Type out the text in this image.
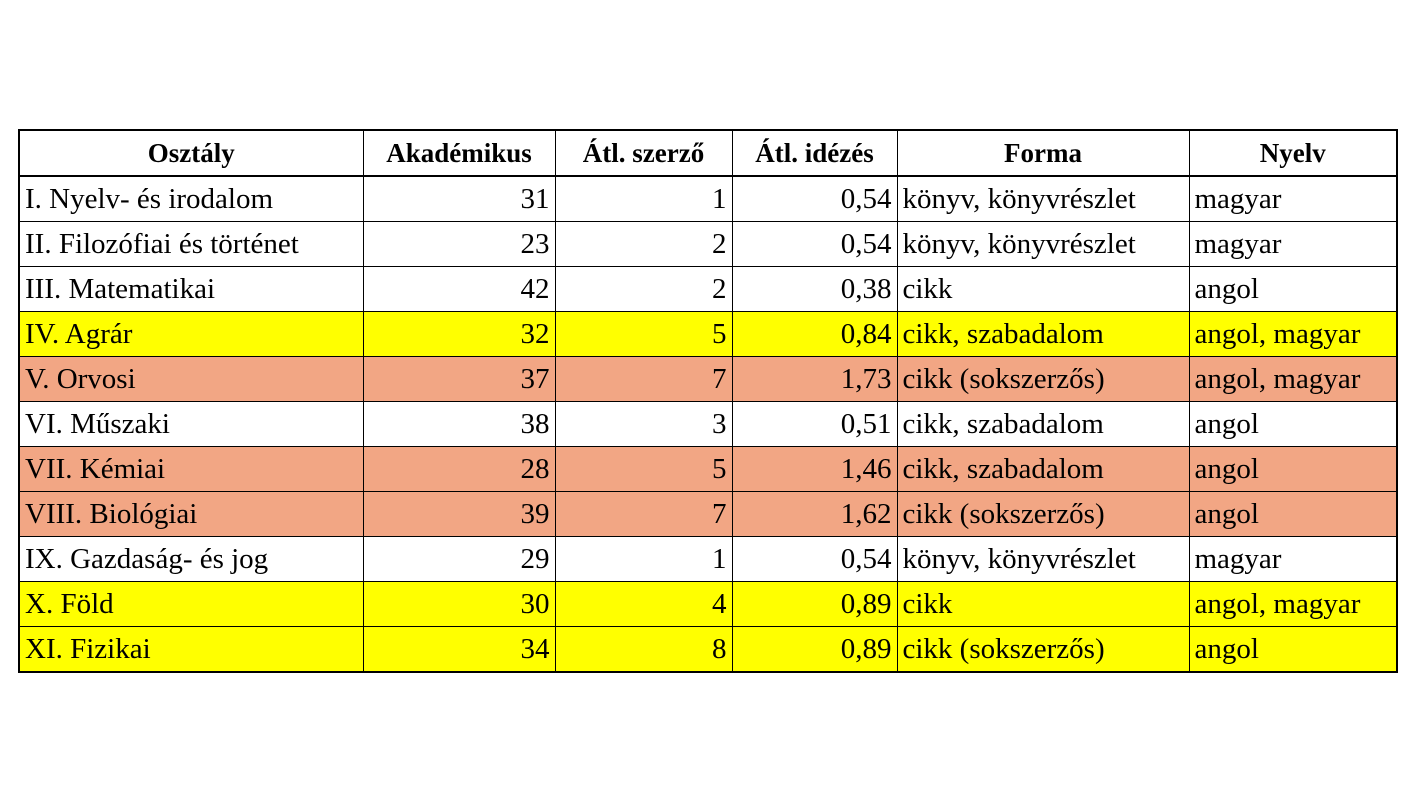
Osztály	Akadémikus	Átl. szerző	Átl. idézés	Forma	Nyelv
I. Nyelv- és irodalom	31	1	0,54	könyv, könyvrészlet	magyar
II. Filozófiai és történet	23	2	0,54	könyv, könyvrészlet	magyar
III. Matematikai	42	2	0,38	cikk	angol
IV. Agrár	32	5	0,84	cikk, szabadalom	angol, magyar
V. Orvosi	37	7	1,73	cikk (sokszerzős)	angol, magyar
VI. Műszaki	38	3	0,51	cikk, szabadalom	angol
VII. Kémiai	28	5	1,46	cikk, szabadalom	angol
VIII. Biológiai	39	7	1,62	cikk (sokszerzős)	angol
IX. Gazdaság- és jog	29	1	0,54	könyv, könyvrészlet	magyar
X. Föld	30	4	0,89	cikk	angol, magyar
XI. Fizikai	34	8	0,89	cikk (sokszerzős)	angol
